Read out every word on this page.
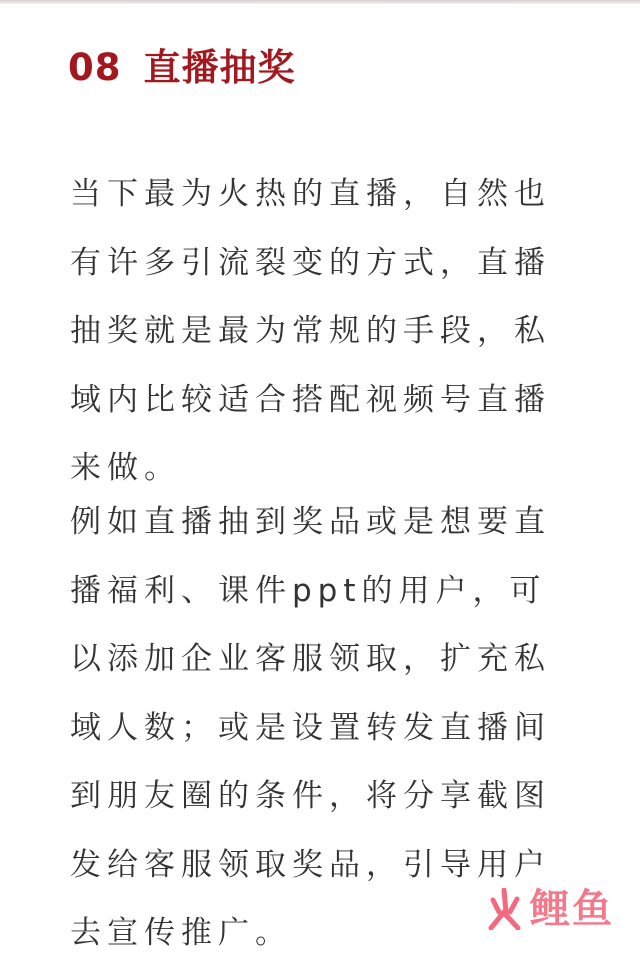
08 直播抽奖

当下最为火热的直播，自然也有许多引流裂变的方式，直播抽奖就是最为常规的手段，私域内比较适合搭配视频号直播来做。

例如直播抽到奖品或是想要直播福利、课件ppt的用户，可以添加企业客服领取，扩充私域人数；或是设置转发直播间到朋友圈的条件，将分享截图发给客服领取奖品，引导用户去宣传推广。

鲤鱼
